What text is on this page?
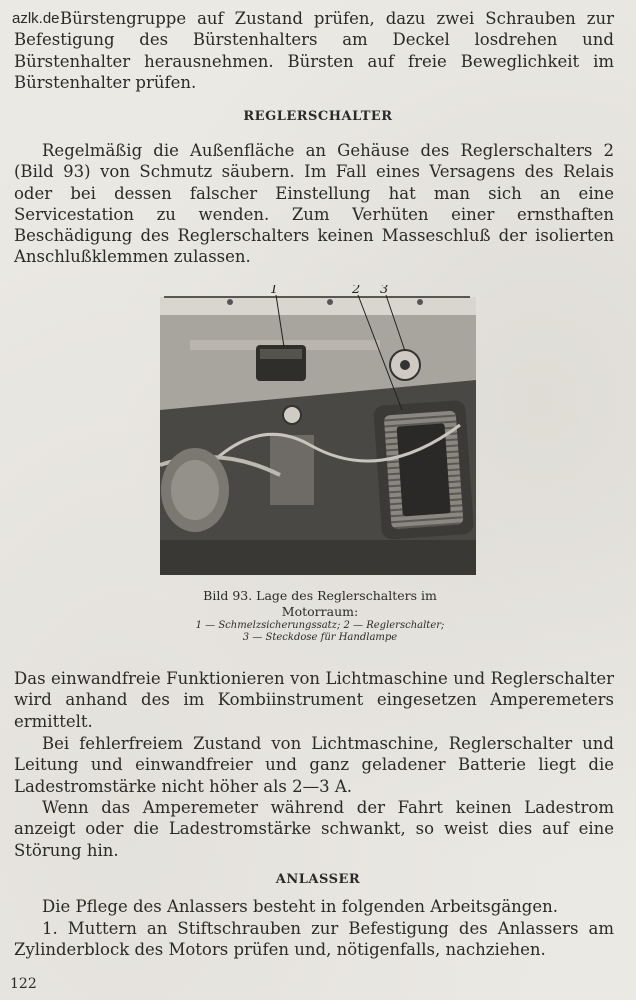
azlk.de Bürstengruppe auf Zustand prüfen, dazu zwei Schrauben zur Befestigung des Bürstenhalters am Deckel losdrehen und Bürstenhalter herausnehmen. Bürsten auf freie Beweglichkeit im Bürstenhalter prüfen.

REGLERSCHALTER

Regelmäßig die Außenfläche an Gehäuse des Reglerschalters 2 (Bild 93) von Schmutz säubern. Im Fall eines Versagens des Relais oder bei dessen falscher Einstellung hat man sich an eine Servicestation zu wenden. Zum Verhüten einer ernsthaften Beschädigung des Reglerschalters keinen Masseschluß der isolierten Anschlußklemmen zulassen.

1	2 3
Bild 93. Lage des Reglerschalters im
Motorraum:
1 — Schmelzsicherungssatz; 2 — Reglerschalter;
3 — Steckdose für Handlampe

Das einwandfreie Funktionieren von Lichtmaschine und Reglerschalter wird anhand des im Kombiinstrument eingesetzen Amperemeters ermittelt.

Bei fehlerfreiem Zustand von Lichtmaschine, Reglerschalter und Leitung und einwandfreier und ganz geladener Batterie liegt die Ladestromstärke nicht höher als 2—3 A.

Wenn das Amperemeter während der Fahrt keinen Ladestrom anzeigt oder die Ladestromstärke schwankt, so weist dies auf eine Störung hin.

ANLASSER

Die Pflege des Anlassers besteht in folgenden Arbeitsgängen.

1. Muttern an Stiftschrauben zur Befestigung des Anlassers am Zylinderblock des Motors prüfen und, nötigenfalls, nachziehen.

122
